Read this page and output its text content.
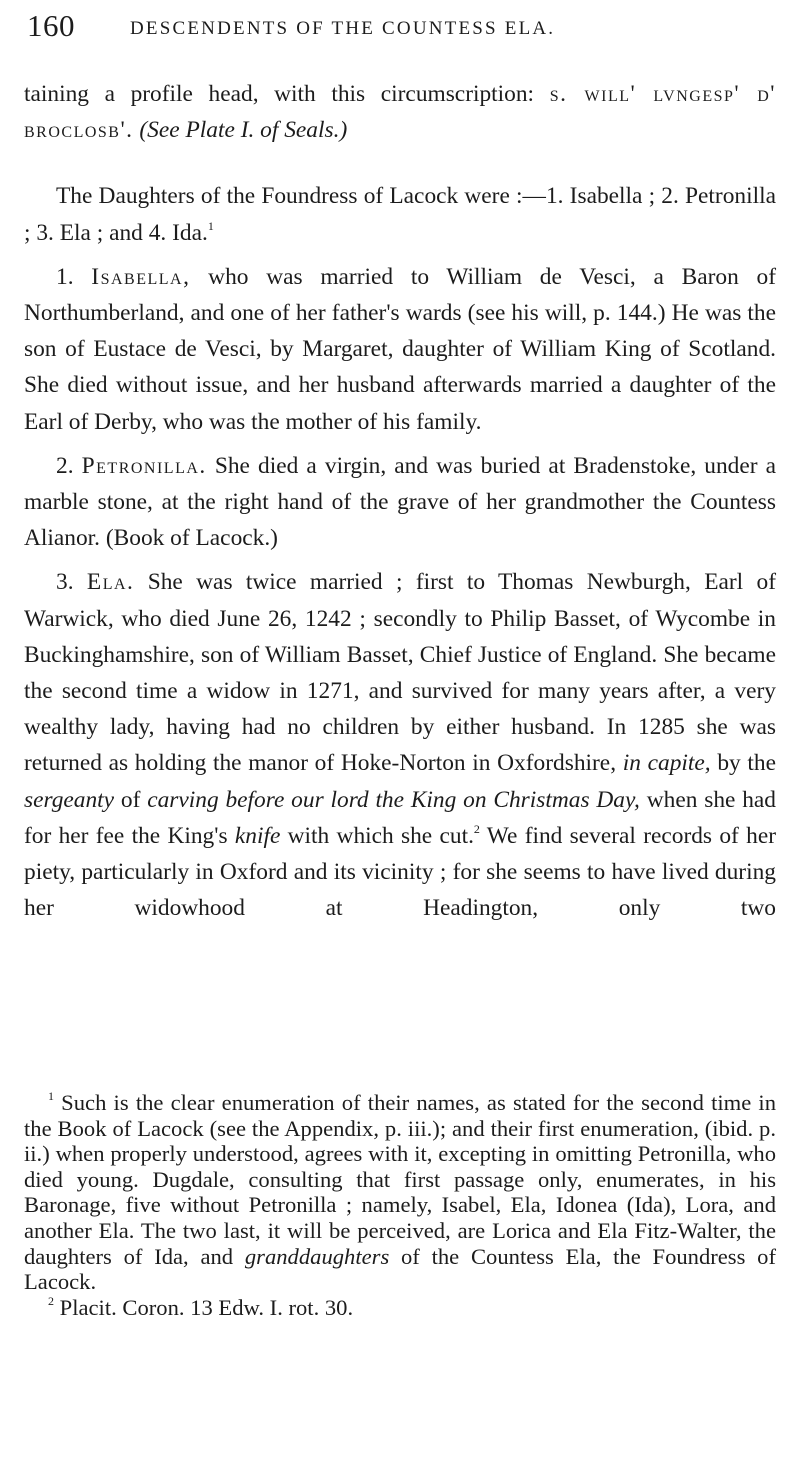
160	DESCENDENTS OF THE COUNTESS ELA.

taining a profile head, with this circumscription: s. will' lvngesp' d' broclosb'. (See Plate I. of Seals.)

The Daughters of the Foundress of Lacock were :—1. Isabella ; 2. Petronilla ; 3. Ela ; and 4. Ida.$^1$

1. Isabella, who was married to William de Vesci, a Baron of Northumberland, and one of her father's wards (see his will, p. 144.) He was the son of Eustace de Vesci, by Margaret, daughter of William King of Scotland. She died without issue, and her husband afterwards married a daughter of the Earl of Derby, who was the mother of his family.

2. Petronilla. She died a virgin, and was buried at Bradenstoke, under a marble stone, at the right hand of the grave of her grandmother the Countess Alianor. (Book of Lacock.)

3. Ela. She was twice married ; first to Thomas Newburgh, Earl of Warwick, who died June 26, 1242 ; secondly to Philip Basset, of Wycombe in Buckinghamshire, son of William Basset, Chief Justice of England. She became the second time a widow in 1271, and survived for many years after, a very wealthy lady, having had no children by either husband. In 1285 she was returned as holding the manor of Hoke-Norton in Oxfordshire, in capite, by the sergeanty of carving before our lord the King on Christmas Day, when she had for her fee the King's knife with which she cut.$^2$ We find several records of her piety, particularly in Oxford and its vicinity ; for she seems to have lived during her widowhood at Headington, only two

$^1$ Such is the clear enumeration of their names, as stated for the second time in the Book of Lacock (see the Appendix, p. iii.); and their first enumeration, (ibid. p. ii.) when properly understood, agrees with it, excepting in omitting Petronilla, who died young. Dugdale, consulting that first passage only, enumerates, in his Baronage, five without Petronilla ; namely, Isabel, Ela, Idonea (Ida), Lora, and another Ela. The two last, it will be perceived, are Lorica and Ela Fitz-Walter, the daughters of Ida, and granddaughters of the Countess Ela, the Foundress of Lacock.

$^2$ Placit. Coron. 13 Edw. I. rot. 30.
